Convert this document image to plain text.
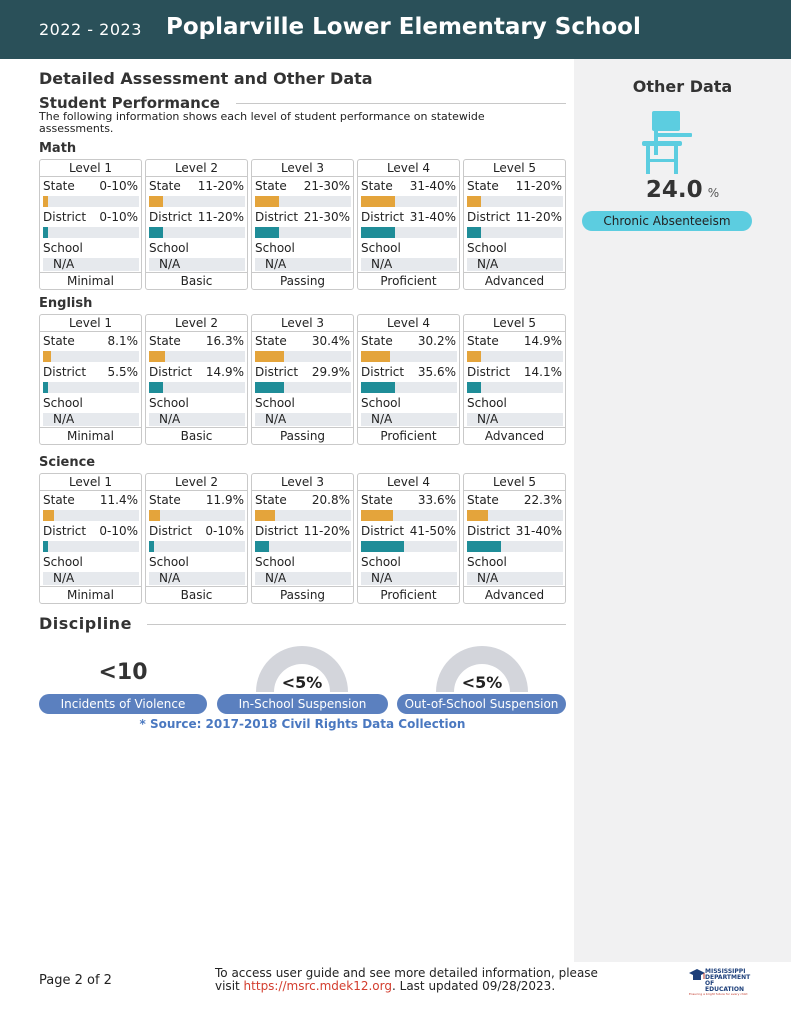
2022 - 2023 Poplarville Lower Elementary School
Detailed Assessment and Other Data
Student Performance
The following information shows each level of student performance on statewide assessments.
Math
Level 1
State 0-10%
District 0-10%
School
N/A
Minimal
Level 2
State 11-20%
District 11-20%
School
N/A
Basic
Level 3
State 21-30%
District 21-30%
School
N/A
Passing
Level 4
State 31-40%
District 31-40%
School
N/A
Proficient
Level 5
State 11-20%
District 11-20%
School
N/A
Advanced
English
Level 1
State	8.1%
District 5.5%
School
N/A
Minimal
Level 2
State 16.3%
District 14.9%
School
N/A
Basic
Level 3
State 30.4%
District 29.9%
School
N/A
Passing
Level 4
State 30.2%
District 35.6%
School
N/A
Proficient
Level 5
State 14.9%
District 14.1%
School
N/A
Advanced
Science
Level 1
State 11.4%
District 0-10%
School
N/A
Minimal
Level 2
State 11.9%
District 0-10%
School
N/A
Basic
Level 3
State 20.8%
District 11-20%
School
N/A
Passing
Level 4
State 33.6%
District 41-50%
School
N/A
Proficient
Level 5
State 22.3%
District 31-40%
School
N/A
Advanced
Discipline
<10
Incidents of Violence
<5%
In-School Suspension
<5%
Out-of-School Suspension
* Source: 2017-2018 Civil Rights Data Collection
Other Data
24.0 %
Chronic Absenteeism
Page 2 of 2	To access user guide and see more detailed information, please visit https://msrc.mdek12.org. Last updated 09/28/2023.
MISSISSIPPI DEPARTMENT OF EDUCATION
Ensuring a bright future for every child
